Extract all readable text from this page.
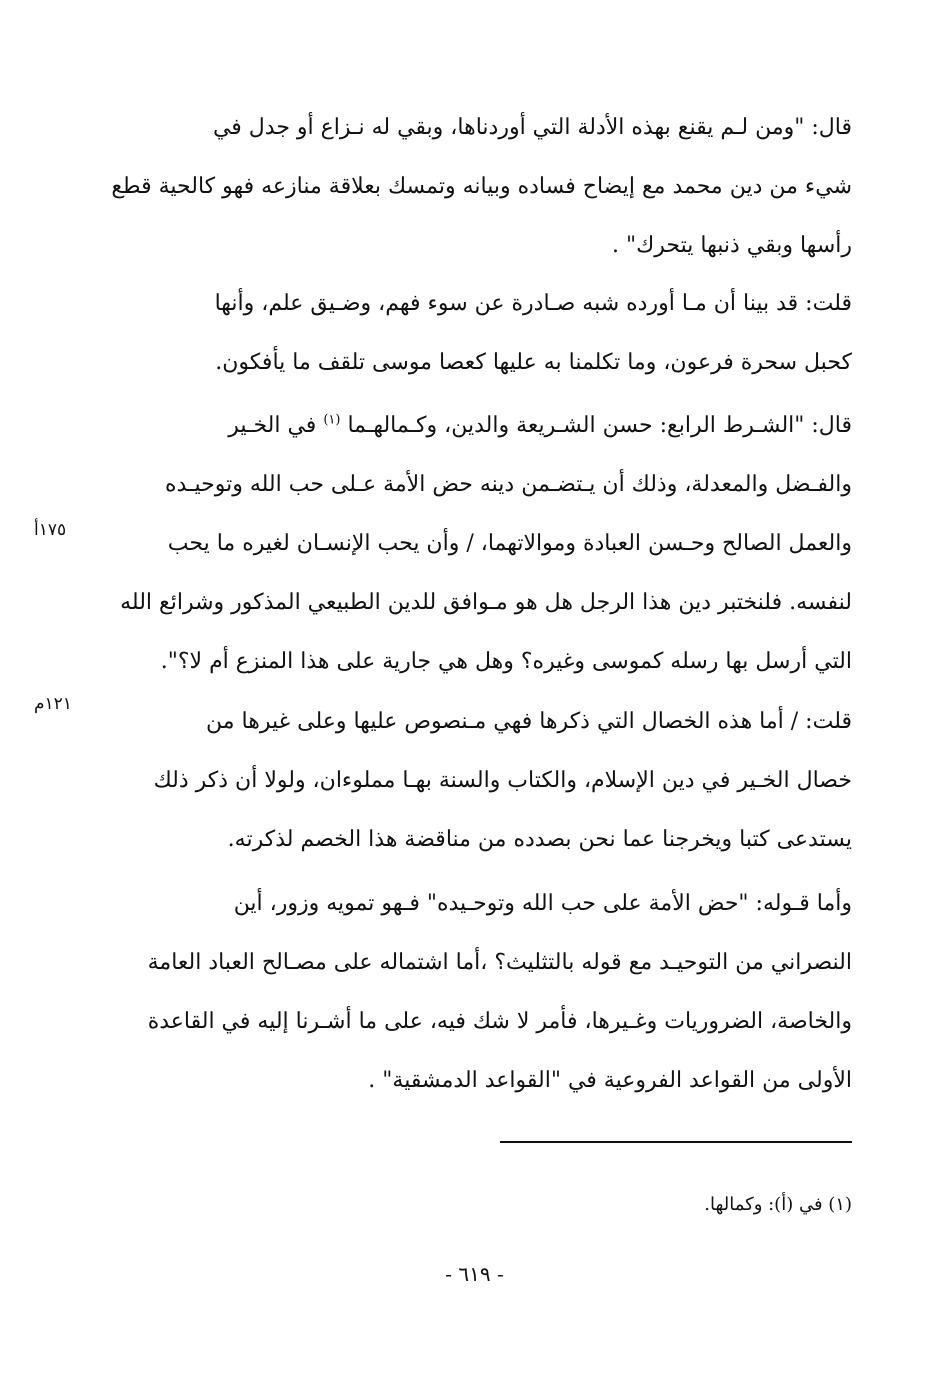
قال: "ومن لـم يقنع بهذه الأدلة التي أوردناها، وبقي له نـزاع أو جدل في
شيء من دين محمد مع إيضاح فساده وبيانه وتمسك بعلاقة منازعه فهو كالحية قطع
رأسها وبقي ذنبها يتحرك" .

قلت: قد بينا أن مـا أورده شبه صـادرة عن سوء فهم، وضـيق علم، وأنها
كحبل سحرة فرعون، وما تكلمنا به عليها كعصا موسى تلقف ما يأفكون.

قال: "الشـرط الرابع: حسن الشـريعة والدين، وكـمالهـما $^{(١)}$ في الخـير
والفـضل والمعدلة، وذلك أن يـتضـمن دينه حض الأمة عـلى حب الله وتوحيـده
والعمل الصالح وحـسن العبادة وموالاتهما، / وأن يحب الإنسـان لغيره ما يحب
لنفسه. فلنختبر دين هذا الرجل هل هو مـوافق للدين الطبيعي المذكور وشرائع الله
التي أرسل بها رسله كموسى وغيره؟ وهل هي جارية على هذا المنزع أم لا؟".

قلت: / أما هذه الخصال التي ذكرها فهي مـنصوص عليها وعلى غيرها من
خصال الخـير في دين الإسلام، والكتاب والسنة بهـا مملوءان، ولولا أن ذكر ذلك
يستدعى كتبا ويخرجنا عما نحن بصدده من مناقضة هذا الخصم لذكرته.

وأما قـوله: "حض الأمة على حب الله وتوحـيده" فـهو تمويه وزور، أين
النصراني من التوحيـد مع قوله بالتثليث؟ ،أما اشتماله على مصـالح العباد العامة
والخاصة، الضروريات وغـيرها، فأمر لا شك فيه، على ما أشـرنا إليه في القاعدة
الأولى من القواعد الفروعية في "القواعد الدمشقية" .

١٧٥أ
١٢١م
(١) في (أ): وكمالها.
- ٦١٩ -
